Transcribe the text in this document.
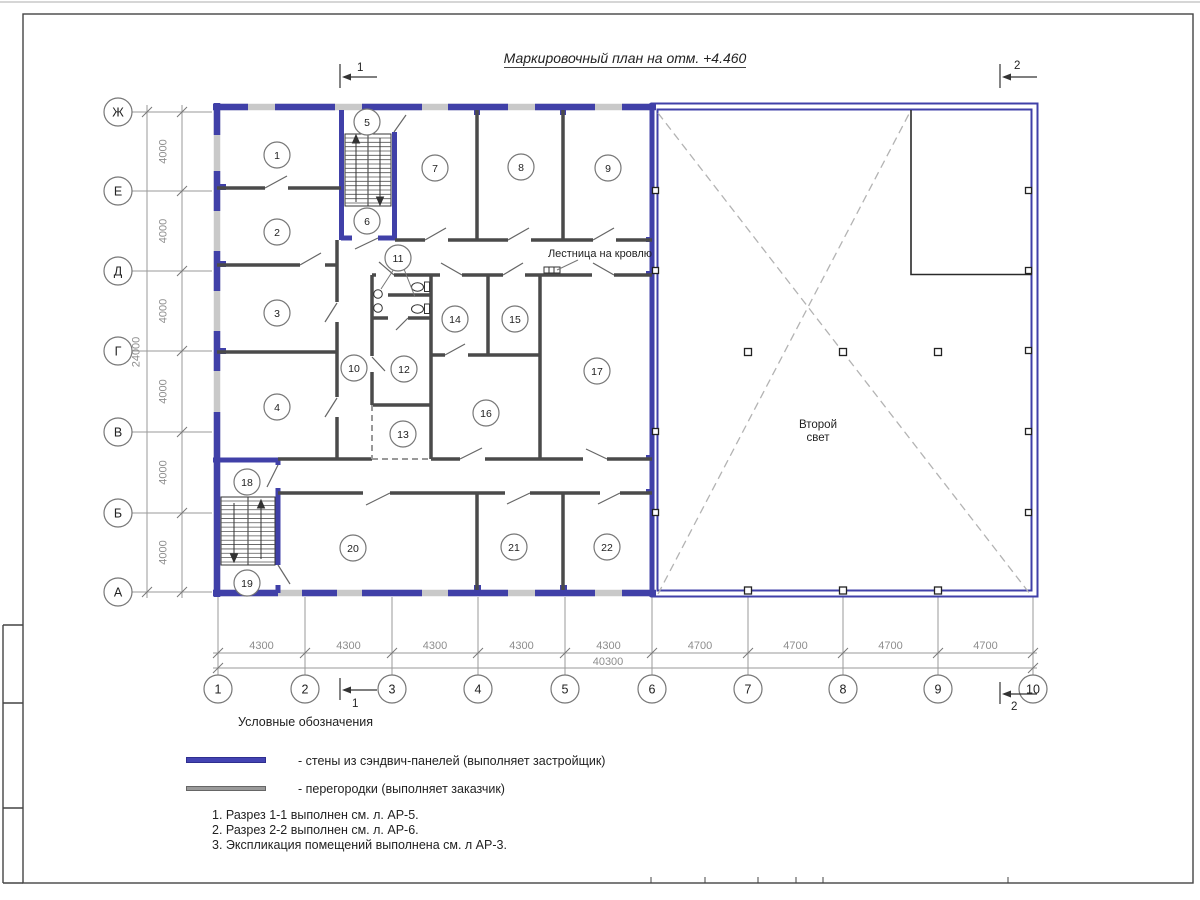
4000
Ж
4000
Е
4000
Д
4000
Г
4000
В
4000
Б
А
24000
4300
1
4300
2
4300
3
4300
4
4300
5
4700
6
4700
7
4700
8
4700
9	10
40300
Лестница на кровлю
Второй
свет
1	2
1	2
1
2
3
4
5
6
7	8	9
10
11
12
13
14	15
16
17
18
19
20	21	22
Маркировочный план на отм. +4.460
Условные обозначения
- стены из сэндвич-панелей (выполняет застройщик)
- перегородки (выполняет заказчик)
1. Разрез 1-1 выполнен см. л. АР-5.
2. Разрез 2-2 выполнен см. л. АР-6.
3. Экспликация помещений выполнена см. л АР-3.
